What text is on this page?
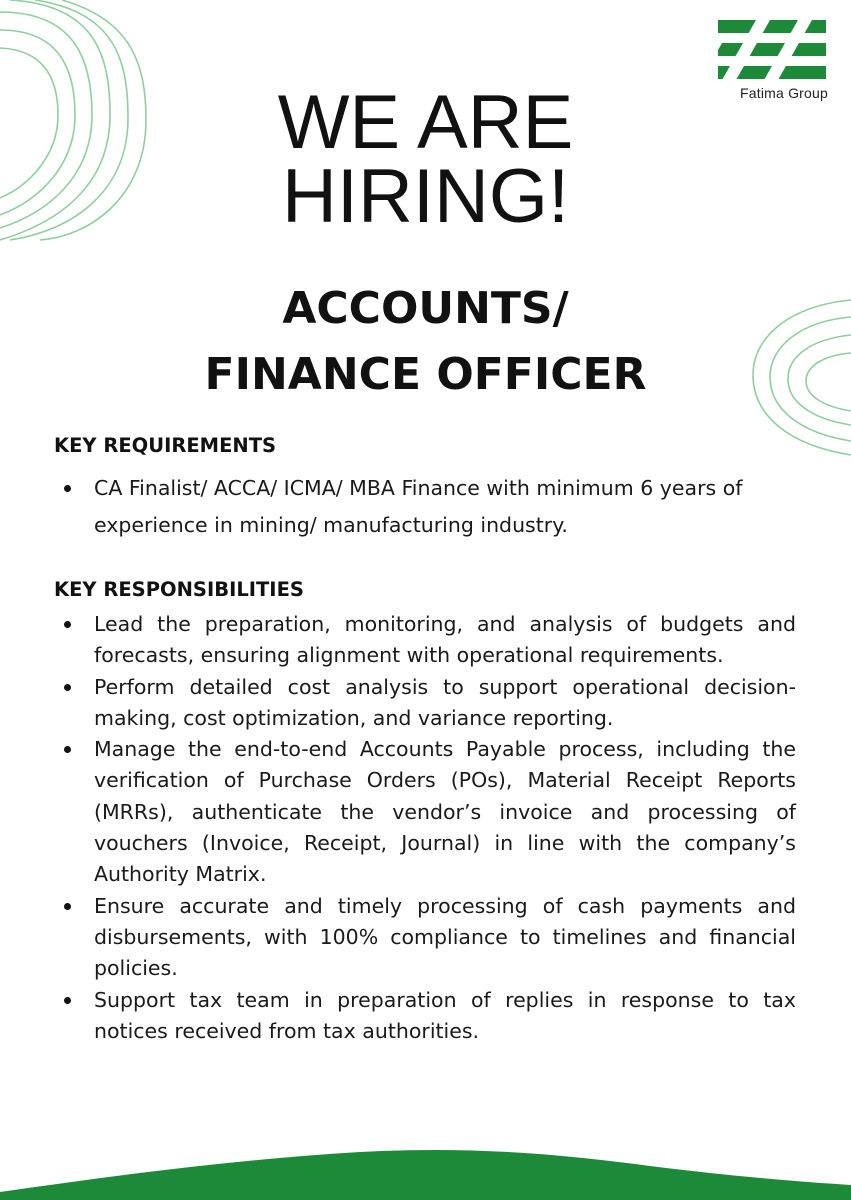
Fatima Group
WE ARE
HIRING!
ACCOUNTS/
FINANCE OFFICER
KEY REQUIREMENTS
CA Finalist/ ACCA/ ICMA/ MBA Finance with minimum 6 years of experience in mining/ manufacturing industry.
KEY RESPONSIBILITIES
Lead the preparation, monitoring, and analysis of budgets and forecasts, ensuring alignment with operational requirements.
Perform detailed cost analysis to support operational decision-making, cost optimization, and variance reporting.
Manage the end-to-end Accounts Payable process, including the verification of Purchase Orders (POs), Material Receipt Reports (MRRs), authenticate the vendor’s invoice and processing of vouchers (Invoice, Receipt, Journal) in line with the company’s Authority Matrix.
Ensure accurate and timely processing of cash payments and disbursements, with 100% compliance to timelines and financial policies.
Support tax team in preparation of replies in response to tax notices received from tax authorities.
